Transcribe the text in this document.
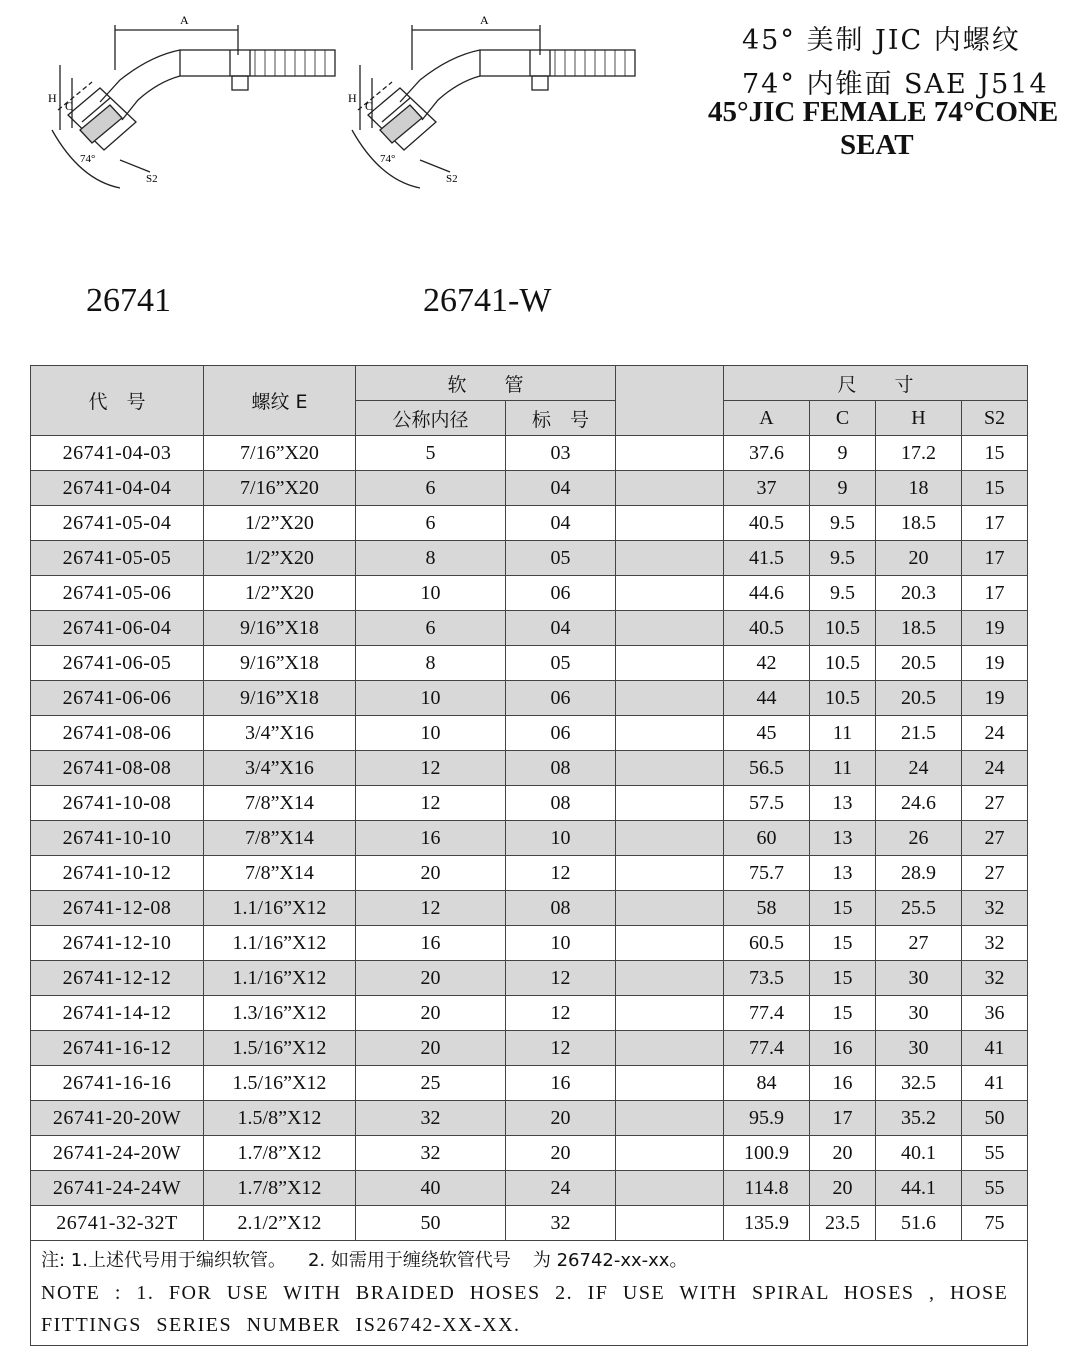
A
H
C
74°
S2
A
H
C
74°
S2
45° 美制 JIC 内螺纹
74° 内锥面 SAE J514
45°JIC FEMALE 74°CONE
SEAT
26741	26741-W
代　号	螺纹 E	软　　管			尺　　寸			
		公称内径	标　号		A	C	H	S2
26741-04-03	7/16”X20	5	03		37.6	9	17.2	15
26741-04-04	7/16”X20	6	04		37	9	18	15
26741-05-04	1/2”X20	6	04		40.5	9.5	18.5	17
26741-05-05	1/2”X20	8	05		41.5	9.5	20	17
26741-05-06	1/2”X20	10	06		44.6	9.5	20.3	17
26741-06-04	9/16”X18	6	04		40.5	10.5	18.5	19
26741-06-05	9/16”X18	8	05		42	10.5	20.5	19
26741-06-06	9/16”X18	10	06		44	10.5	20.5	19
26741-08-06	3/4”X16	10	06		45	11	21.5	24
26741-08-08	3/4”X16	12	08		56.5	11	24	24
26741-10-08	7/8”X14	12	08		57.5	13	24.6	27
26741-10-10	7/8”X14	16	10		60	13	26	27
26741-10-12	7/8”X14	20	12		75.7	13	28.9	27
26741-12-08	1.1/16”X12	12	08		58	15	25.5	32
26741-12-10	1.1/16”X12	16	10		60.5	15	27	32
26741-12-12	1.1/16”X12	20	12		73.5	15	30	32
26741-14-12	1.3/16”X12	20	12		77.4	15	30	36
26741-16-12	1.5/16”X12	20	12		77.4	16	30	41
26741-16-16	1.5/16”X12	25	16		84	16	32.5	41
26741-20-20W	1.5/8”X12	32	20		95.9	17	35.2	50
26741-24-20W	1.7/8”X12	32	20		100.9	20	40.1	55
26741-24-24W	1.7/8”X12	40	24		114.8	20	44.1	55
26741-32-32T	2.1/2”X12	50	32		135.9	23.5	51.6	75

注: 1.上述代号用于编织软管。 2. 如需用于缠绕软管代号 为 26742-xx-xx。
NOTE : 1. FOR USE WITH BRAIDED HOSES 2. IF USE WITH SPIRAL HOSES , HOSE FITTINGS SERIES NUMBER IS26742-XX-XX.								
